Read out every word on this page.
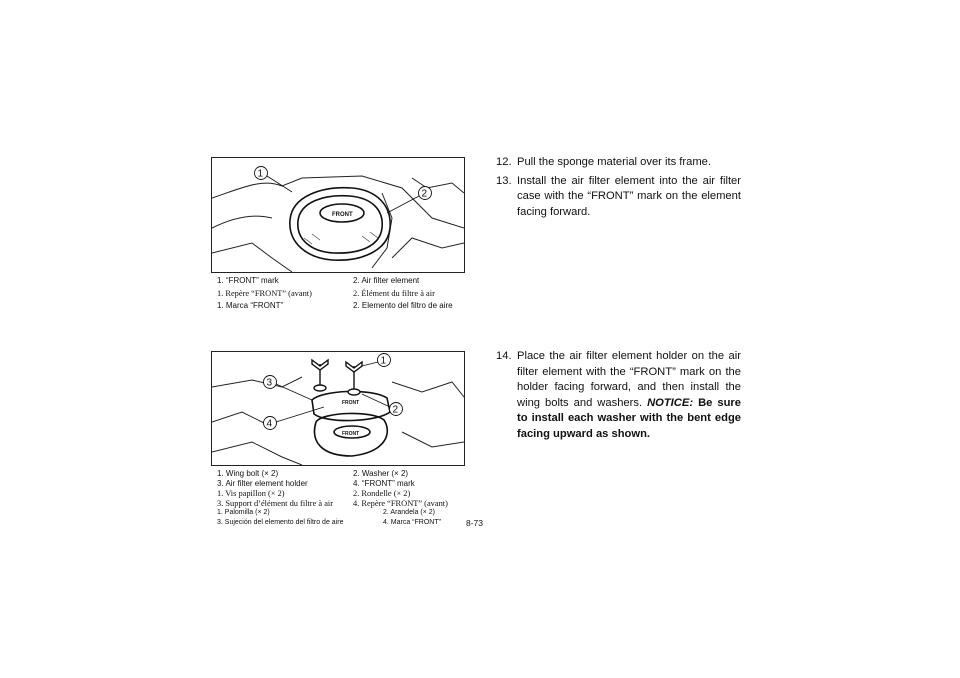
FRONT
1
2
1. “FRONT” mark	2. Air filter element
1. Repère “FRONT” (avant)	2. Élément du filtre à air
1. Marca “FRONT”	2. Elemento del filtro de aire
FRONT
FRONT
1
2
3
4
1. Wing bolt (× 2)	2. Washer (× 2)
3. Air filter element holder	4. “FRONT” mark
1. Vis papillon (× 2)	2. Rondelle (× 2)
3. Support d’élément du filtre à air	4. Repère “FRONT” (avant)
1. Palomilla (× 2)	2. Arandela (× 2)
3. Sujeción del elemento del filtro de aire	4. Marca “FRONT”	8-73
12. Pull the sponge material over its frame.
13. Install the air filter element into the air filter case with the “FRONT” mark on the element facing forward.
14. Place the air filter element holder on the air filter element with the “FRONT” mark on the holder facing forward, and then install the wing bolts and washers. NOTICE: Be sure to install each washer with the bent edge facing upward as shown.
